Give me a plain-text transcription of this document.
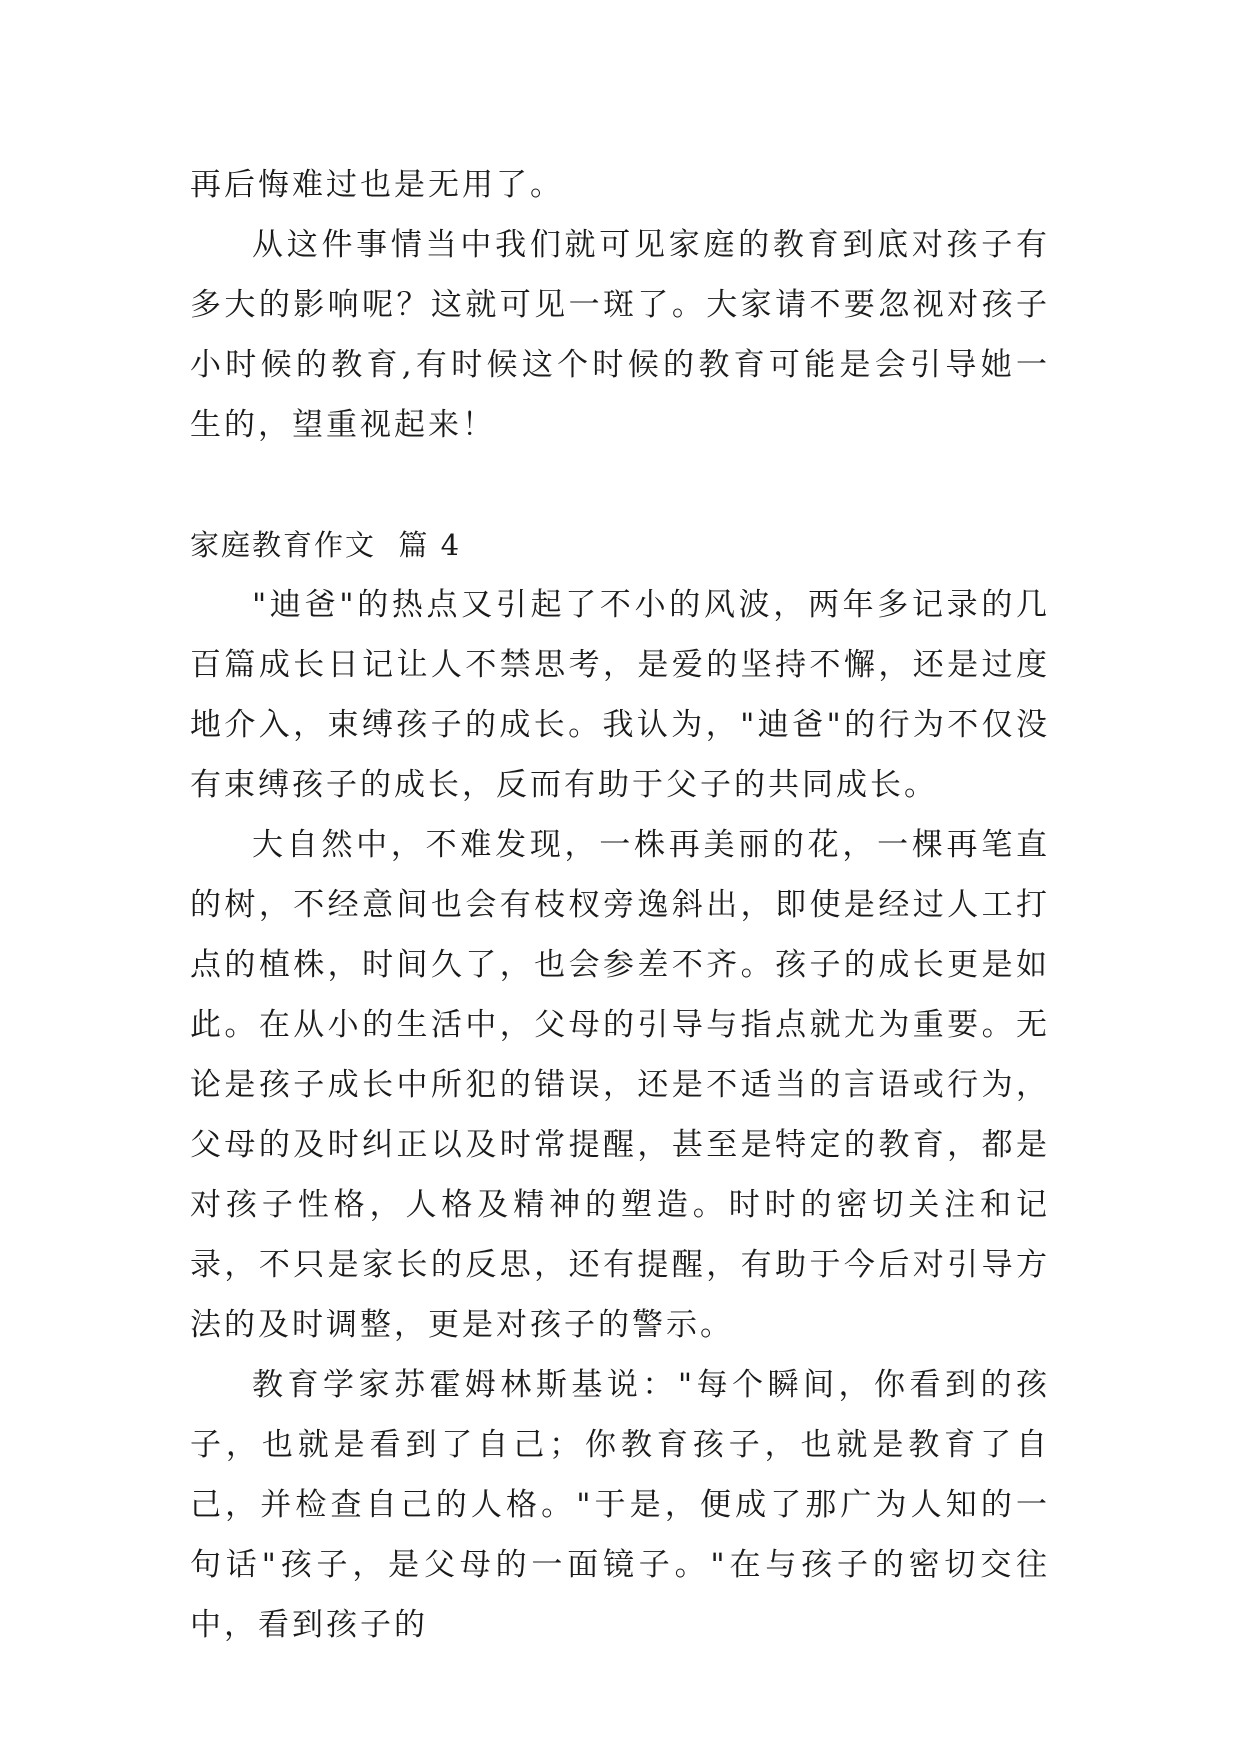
再后悔难过也是无用了。

从这件事情当中我们就可见家庭的教育到底对孩子有多大的影响呢？这就可见一斑了。大家请不要忽视对孩子小时候的教育,有时候这个时候的教育可能是会引导她一生的，望重视起来！

家庭教育作文  篇 4

"迪爸"的热点又引起了不小的风波，两年多记录的几百篇成长日记让人不禁思考，是爱的坚持不懈，还是过度地介入，束缚孩子的成长。我认为，"迪爸"的行为不仅没有束缚孩子的成长，反而有助于父子的共同成长。

大自然中，不难发现，一株再美丽的花，一棵再笔直的树，不经意间也会有枝杈旁逸斜出，即使是经过人工打点的植株，时间久了，也会参差不齐。孩子的成长更是如此。在从小的生活中，父母的引导与指点就尤为重要。无论是孩子成长中所犯的错误，还是不适当的言语或行为，父母的及时纠正以及时常提醒，甚至是特定的教育，都是对孩子性格，人格及精神的塑造。时时的密切关注和记录，不只是家长的反思，还有提醒，有助于今后对引导方法的及时调整，更是对孩子的警示。

教育学家苏霍姆林斯基说："每个瞬间，你看到的孩子，也就是看到了自己；你教育孩子，也就是教育了自己，并检查自己的人格。"于是，便成了那广为人知的一句话"孩子，是父母的一面镜子。"在与孩子的密切交往中，看到孩子的
